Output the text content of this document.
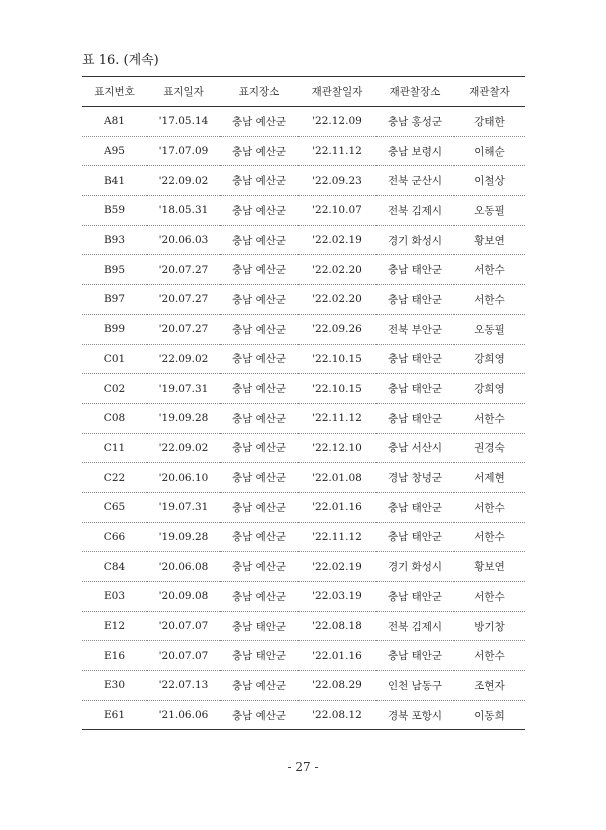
표 16. (계속)
표지번호	표지일자	표지장소	재관찰일자	재관찰장소	재관찰자
A81	'17.05.14	충남 예산군	'22.12.09	충남 홍성군	강태한
A95	'17.07.09	충남 예산군	'22.11.12	충남 보령시	이해순
B41	'22.09.02	충남 예산군	'22.09.23	전북 군산시	이철상
B59	'18.05.31	충남 예산군	'22.10.07	전북 김제시	오동필
B93	'20.06.03	충남 예산군	'22.02.19	경기 화성시	황보연
B95	'20.07.27	충남 예산군	'22.02.20	충남 태안군	서한수
B97	'20.07.27	충남 예산군	'22.02.20	충남 태안군	서한수
B99	'20.07.27	충남 예산군	'22.09.26	전북 부안군	오동필
C01	'22.09.02	충남 예산군	'22.10.15	충남 태안군	강희영
C02	'19.07.31	충남 예산군	'22.10.15	충남 태안군	강희영
C08	'19.09.28	충남 예산군	'22.11.12	충남 태안군	서한수
C11	'22.09.02	충남 예산군	'22.12.10	충남 서산시	권경숙
C22	'20.06.10	충남 예산군	'22.01.08	경남 창녕군	서제현
C65	'19.07.31	충남 예산군	'22.01.16	충남 태안군	서한수
C66	'19.09.28	충남 예산군	'22.11.12	충남 태안군	서한수
C84	'20.06.08	충남 예산군	'22.02.19	경기 화성시	황보연
E03	'20.09.08	충남 예산군	'22.03.19	충남 태안군	서한수
E12	'20.07.07	충남 태안군	'22.08.18	전북 김제시	방기창
E16	'20.07.07	충남 태안군	'22.01.16	충남 태안군	서한수
E30	'22.07.13	충남 예산군	'22.08.29	인천 남동구	조현자
E61	'21.06.06	충남 예산군	'22.08.12	경북 포항시	이동희
- 27 -
